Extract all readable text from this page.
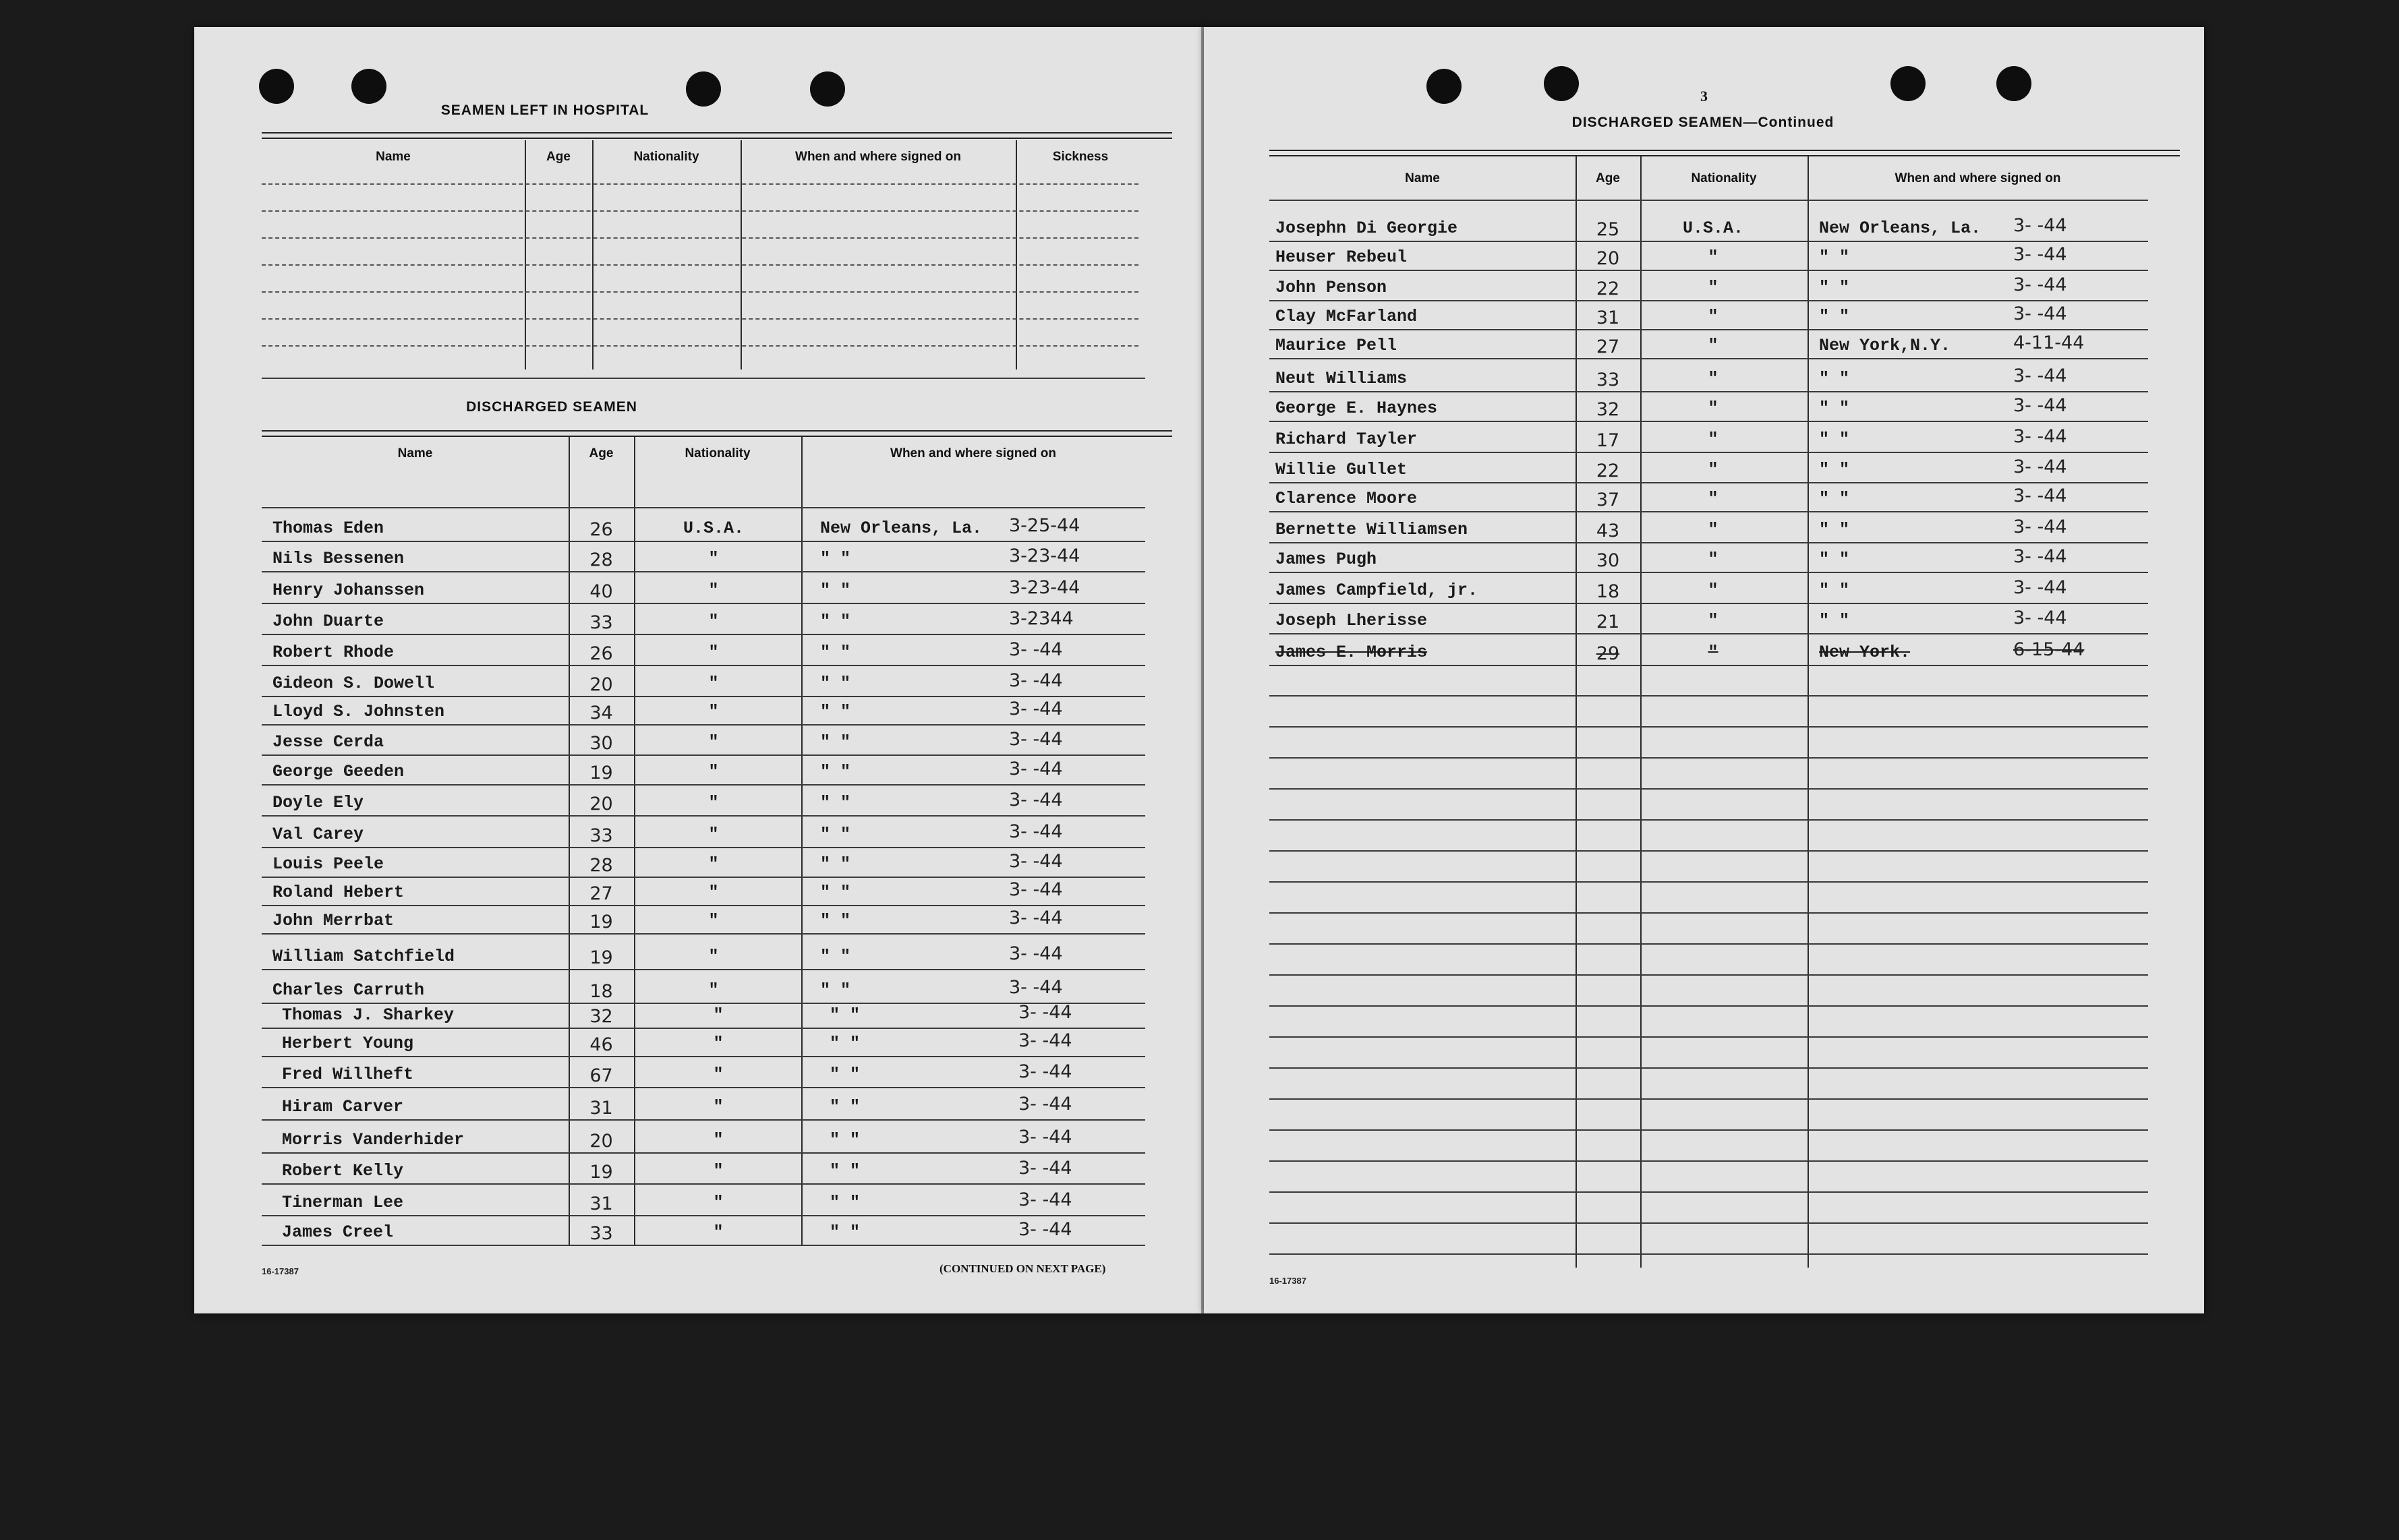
SEAMEN LEFT IN HOSPITAL
Name	Age	Nationality	When and where signed on	Sickness
DISCHARGED SEAMEN
Name	Age	Nationality	When and where signed on
Thomas Eden	26	U.S.A.	New Orleans, La. 3-25-44
Nils Bessenen	28	"	" "	3-23-44
Henry Johanssen	40	"	" "	3-23-44
John Duarte	33	"	" "	3-2344
Robert Rhode	26	"	" "	3- -44
Gideon S. Dowell	20	"	" "	3- -44
Lloyd S. Johnsten	34	"	" "	3- -44
Jesse Cerda	30	"	" "	3- -44
George Geeden	19	"	" "	3- -44
Doyle Ely	20	"	" "	3- -44
Val Carey	33	"	" "	3- -44
Louis Peele	28	"	" "	3- -44
Roland Hebert	27	"	" "	3- -44
John Merrbat	19	"	" "	3- -44
William Satchfield	19	"	" "	3- -44
Charles Carruth	18	"	" "	3- -44
Thomas J. Sharkey	32	"	" "	3- -44
Herbert Young	46	"	" "	3- -44
Fred Willheft	67	"	" "	3- -44
Hiram Carver	31	"	" "	3- -44
Morris Vanderhider	20	"	" "	3- -44
Robert Kelly	19	"	" "	3- -44
Tinerman Lee	31	"	" "	3- -44
James Creel	33	"	" "	3- -44
16-17387	(CONTINUED ON NEXT PAGE)
3
DISCHARGED SEAMEN—Continued
Name	Age	Nationality	When and where signed on
Josephn Di Georgie	25	U.S.A.	New Orleans, La. 3- -44
Heuser Rebeul	20	"	" "	3- -44
John Penson	22	"	" "	3- -44
Clay McFarland	31	"	" "	3- -44
Maurice Pell	27	"	New York,N.Y.	4-11-44
Neut Williams	33	"	" "	3- -44
George E. Haynes	32	"	" "	3- -44
Richard Tayler	17	"	" "	3- -44
Willie Gullet	22	"	" "	3- -44
Clarence Moore	37	"	" "	3- -44
Bernette Williamsen	43	"	" "	3- -44
James Pugh	30	"	" "	3- -44
James Campfield, jr.	18	"	" "	3- -44
Joseph Lherisse	21	"	" "	3- -44
James E. Morris	29	"	New York.	6-15-44
16-17387
